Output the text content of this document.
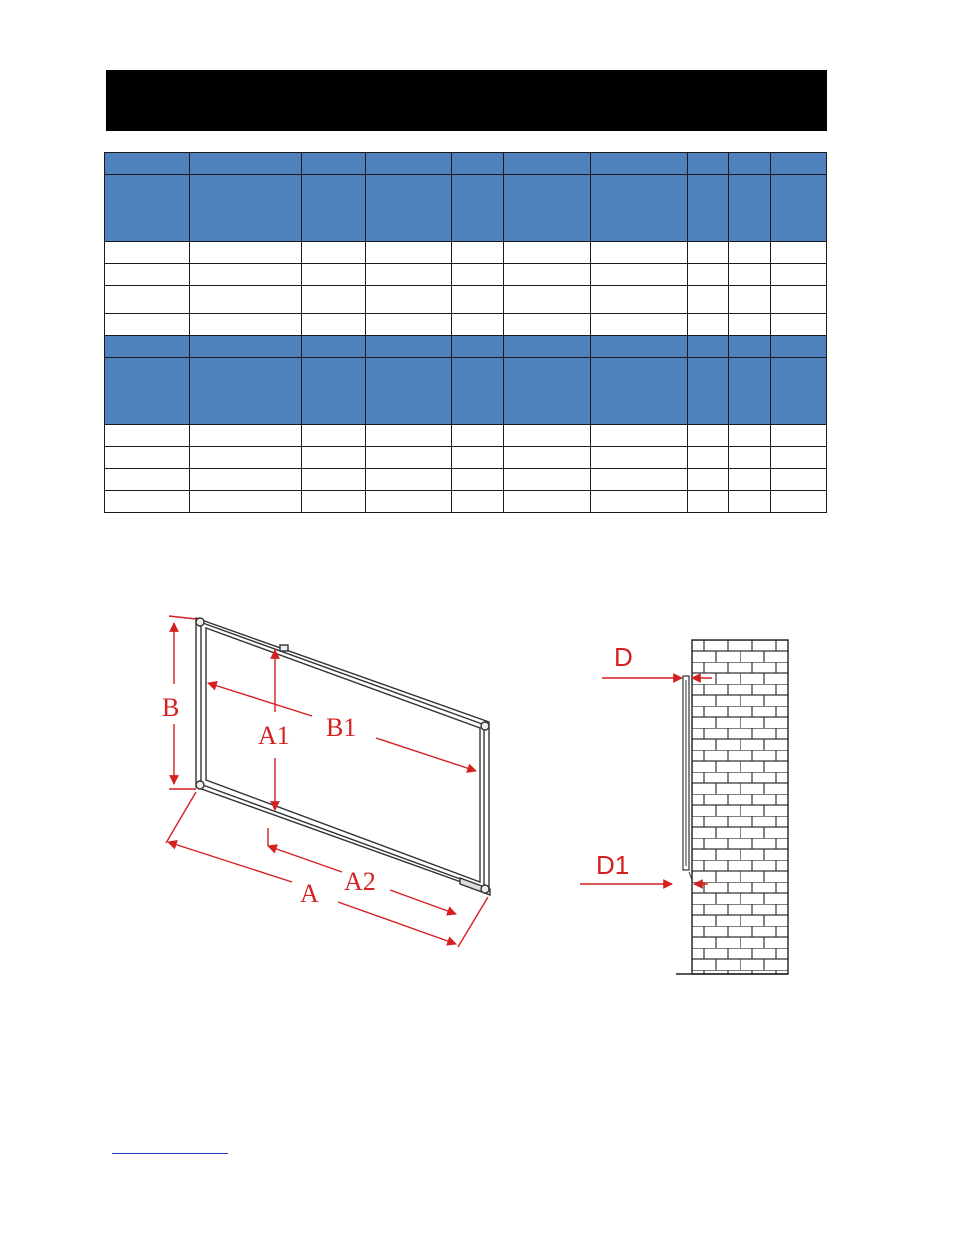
B
A1 B1
A A2
D
D1
